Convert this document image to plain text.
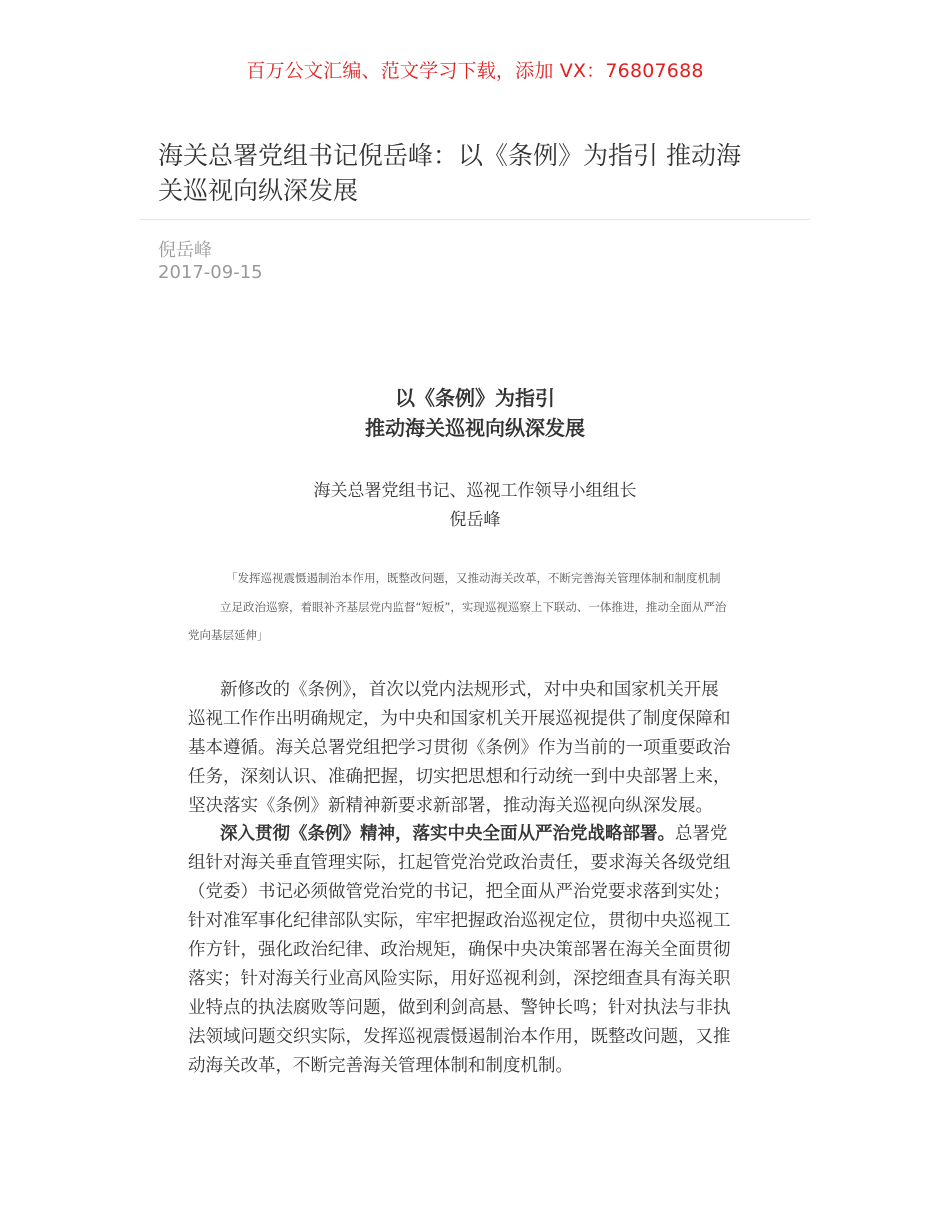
百万公文汇编、范文学习下载，添加 VX：76807688
海关总署党组书记倪岳峰：以《条例》为指引 推动海
关巡视向纵深发展
倪岳峰
2017-09-15
以《条例》为指引
推动海关巡视向纵深发展
海关总署党组书记、巡视工作领导小组组长
倪岳峰
「发挥巡视震慑遏制治本作用，既整改问题，又推动海关改革，不断完善海关管理体制和制度机制
立足政治巡察，着眼补齐基层党内监督“短板”，实现巡视巡察上下联动、一体推进，推动全面从严治
党向基层延伸」
新修改的《条例》，首次以党内法规形式，对中央和国家机关开展
巡视工作作出明确规定，为中央和国家机关开展巡视提供了制度保障和
基本遵循。海关总署党组把学习贯彻《条例》作为当前的一项重要政治
任务，深刻认识、准确把握，切实把思想和行动统一到中央部署上来，
坚决落实《条例》新精神新要求新部署，推动海关巡视向纵深发展。
深入贯彻《条例》精神，落实中央全面从严治党战略部署。总署党
组针对海关垂直管理实际，扛起管党治党政治责任，要求海关各级党组
（党委）书记必须做管党治党的书记，把全面从严治党要求落到实处；
针对准军事化纪律部队实际，牢牢把握政治巡视定位，贯彻中央巡视工
作方针，强化政治纪律、政治规矩，确保中央决策部署在海关全面贯彻
落实；针对海关行业高风险实际，用好巡视利剑，深挖细查具有海关职
业特点的执法腐败等问题，做到利剑高悬、警钟长鸣；针对执法与非执
法领域问题交织实际，发挥巡视震慑遏制治本作用，既整改问题，又推
动海关改革，不断完善海关管理体制和制度机制。
